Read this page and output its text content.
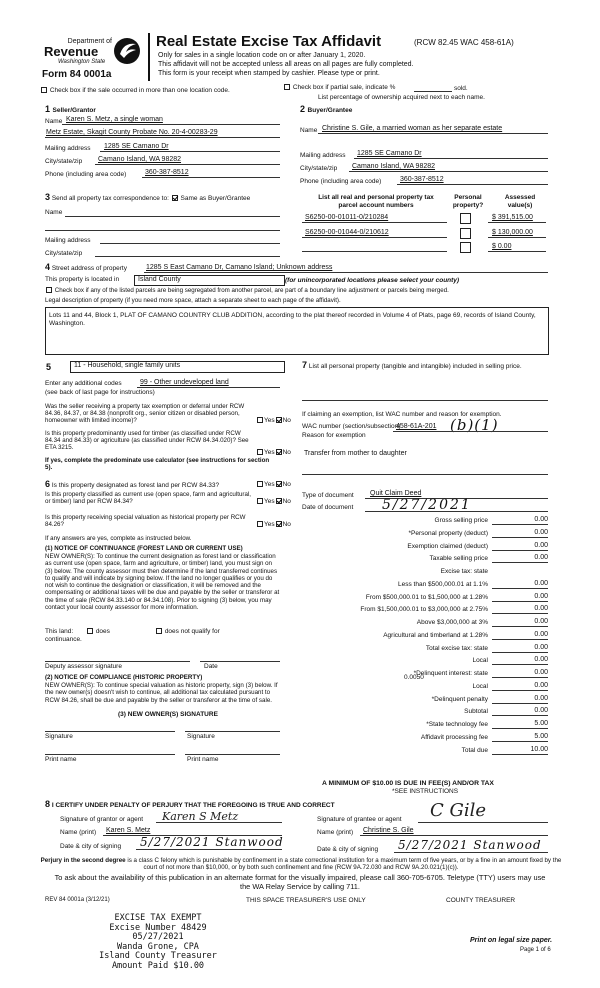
Department of
Revenue
Washington State
Form 84 0001a
Real Estate Excise Tax Affidavit	(RCW 82.45 WAC 458-61A)
Only for sales in a single location code on or after January 1, 2020.
This affidavit will not be accepted unless all areas on all pages are fully completed.
This form is your receipt when stamped by cashier. Please type or print.
Check box if the sale occurred in more than one location code.	Check box if partial sale, indicate %	sold.
List percentage of ownership acquired next to each name.
1 Seller/Grantor
Name Karen S. Metz, a single woman
Metz Estate, Skagit County Probate No. 20-4-00283-29
Mailing address 1285 SE Camano Dr
City/state/zip Camano Island, WA 98282
Phone (including area code)	360-387-8512
2 Buyer/Grantee
Name Christine S. Gile, a married woman as her separate estate
Mailing address 1285 SE Camano Dr
City/state/zip Camano Island, WA 98282
Phone (including area code)	360-387-8512
3 Send all property tax correspondence to: Same as Buyer/Grantee
Name
Mailing address
City/state/zip
List all real and personal property tax
parcel account numbers
Personal
property?
Assessed
value(s)
S6250-00-01011-0/210284	$ 391,515.00
S6250-00-01044-0/210612	$ 130,000.00
$ 0.00
4 Street address of property	1285 S East Camano Dr, Camano Island; Unknown address
This property is located in	Island County	(for unincorporated locations please select your county)
Check box if any of the listed parcels are being segregated from another parcel, are part of a boundary line adjustment or parcels being merged.
Legal description of property (if you need more space, attach a separate sheet to each page of the affidavit).
Lots 11 and 44, Block 1, PLAT OF CAMANO COUNTRY CLUB ADDITION, according to the plat thereof recorded in Volume 4 of Plats, page 69, records of Island County, Washington.
5	11 - Household, single family units
Enter any additional codes	99 - Other undeveloped land
(see back of last page for instructions)
Was the seller receiving a property tax exemption or deferral under RCW 84.36, 84.37, or 84.38 (nonprofit org., senior citizen or disabled person, homeowner with limited income)?	Yes No
Is this property predominantly used for timber (as classified under RCW 84.34 and 84.33) or agriculture (as classified under RCW 84.34.020)? See ETA 3215.
Yes No
If yes, complete the predominate use calculator (see instructions for section 5).
6 Is this property designated as forest land per RCW 84.33?	Yes No
Is this property classified as current use (open space, farm and agricultural, or timber) land per RCW 84.34?	Yes No
Is this property receiving special valuation as historical property per RCW 84.26?	Yes No
If any answers are yes, complete as instructed below.
(1) NOTICE OF CONTINUANCE (FOREST LAND OR CURRENT USE)
NEW OWNER(S): To continue the current designation as forest land or classification as current use (open space, farm and agriculture, or timber) land, you must sign on (3) below. The county assessor must then determine if the land transferred continues to qualify and will indicate by signing below. If the land no longer qualifies or you do not wish to continue the designation or classification, it will be removed and the compensating or additional taxes will be due and payable by the seller or transferor at the time of sale (RCW 84.33.140 or 84.34.108). Prior to signing (3) below, you may contact your local county assessor for more information.
This land:	does	does not qualify for
continuance.
Deputy assessor signature	Date
(2) NOTICE OF COMPLIANCE (HISTORIC PROPERTY)
NEW OWNER(S): To continue special valuation as historic property, sign (3) below. If the new owner(s) doesn't wish to continue, all additional tax calculated pursuant to RCW 84.26, shall be due and payable by the seller or transferor at the time of sale.
(3) NEW OWNER(S) SIGNATURE
Signature	Signature
Print name	Print name
7 List all personal property (tangible and intangible) included in selling price.
If claiming an exemption, list WAC number and reason for exemption.
WAC number (section/subsection)
458-61A-201 (b)(1)
Reason for exemption
Transfer from mother to daughter
Type of document Quit Claim Deed
Date of document 5/27/2021
Gross selling price	0.00
*Personal property (deduct)	0.00
Exemption claimed (deduct)	0.00
Taxable selling price	0.00
Excise tax: state
Less than $500,000.01 at 1.1%	0.00
From $500,000.01 to $1,500,000 at 1.28%	0.00
From $1,500,000.01 to $3,000,000 at 2.75%	0.00
Above $3,000,000 at 3%	0.00
Agricultural and timberland at 1.28%	0.00
Total excise tax: state	0.00
Local	0.00
*Delinquent interest: state	0.00
Local	0.00
*Delinquent penalty	0.00
Subtotal	0.00
*State technology fee	5.00
Affidavit processing fee	5.00
Total due	10.00
0.0050
A MINIMUM OF $10.00 IS DUE IN FEE(S) AND/OR TAX
*SEE INSTRUCTIONS
8 I CERTIFY UNDER PENALTY OF PERJURY THAT THE FOREGOING IS TRUE AND CORRECT
Signature of grantor or agent Karen S Metz
Name (print) Karen S. Metz
Date & city of signing 5/27/2021 Stanwood
Signature of grantee or agent C Gile
Name (print) Christine S. Gile
Date & city of signing 5/27/2021 Stanwood
Perjury in the second degree is a class C felony which is punishable by confinement in a state correctional institution for a maximum term of five years, or by a fine in an amount fixed by the court of not more than $10,000, or by both such confinement and fine (RCW 9A.72.030 and RCW 9A.20.021(1)(c)).
To ask about the availability of this publication in an alternate format for the visually impaired, please call 360-705-6705. Teletype (TTY) users may use the WA Relay Service by calling 711.
REV 84 0001a (3/12/21)	THIS SPACE TREASURER'S USE ONLY	COUNTY TREASURER
EXCISE TAX EXEMPT
Excise Number 48429
05/27/2021
Wanda Grone, CPA
Island County Treasurer
Amount Paid $10.00
Print on legal size paper.
Page 1 of 6
